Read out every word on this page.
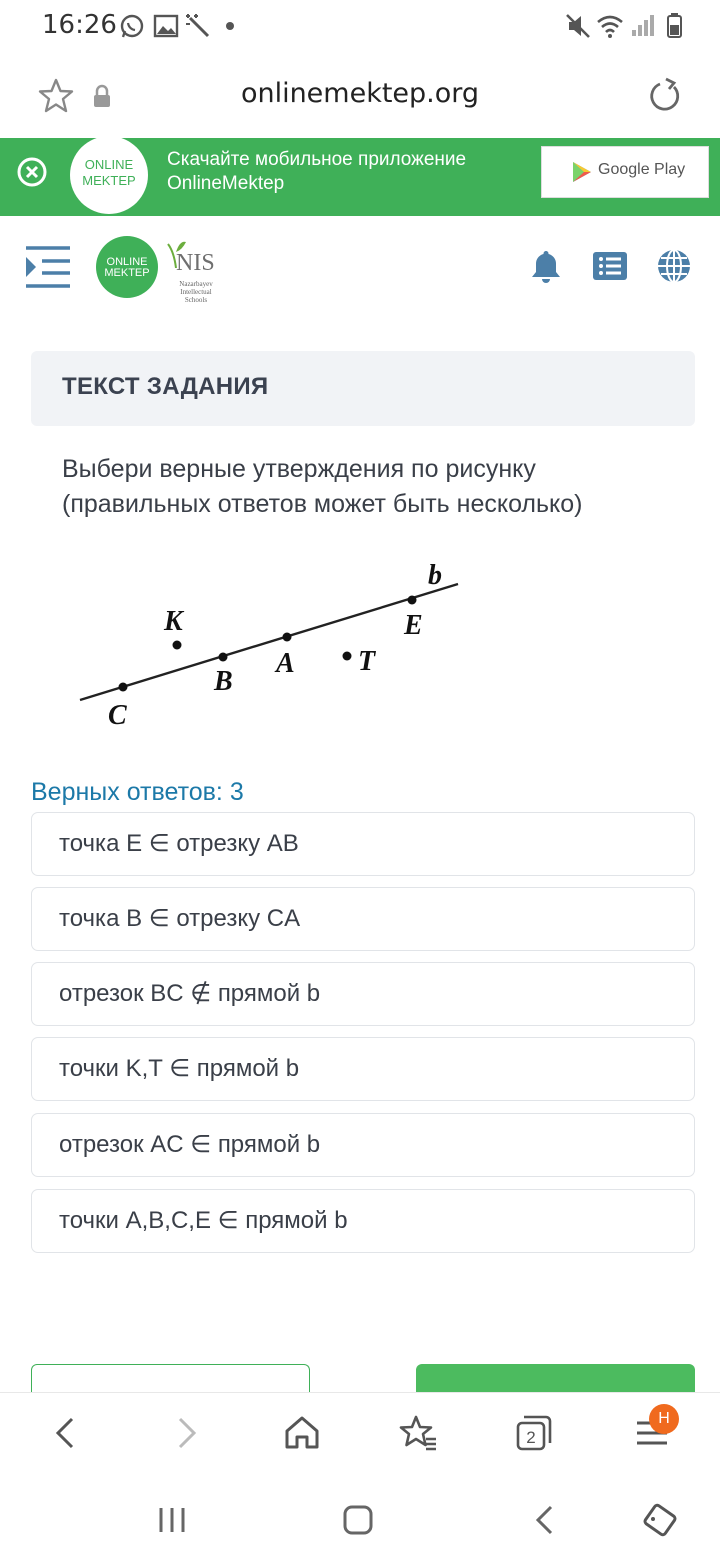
16:26
onlinemektep.org
ONLINE
MEKTEP
Скачайте мобильное приложение
OnlineMektep
Google Play
ONLINE
MEKTEP	NIS
Nazarbayev Intellectual Schools
ТЕКСТ ЗАДАНИЯ
Выбери верные утверждения по рисунку (правильных ответов может быть несколько)
b
C
B
A
E
K
T
Верных ответов: 3
точка E ∈ отрезку AB
точка B ∈ отрезку CA
отрезок BC ∉ прямой b
точки K,T ∈ прямой b
отрезок AC ∈ прямой b
точки A,B,C,E ∈ прямой b
2
H
